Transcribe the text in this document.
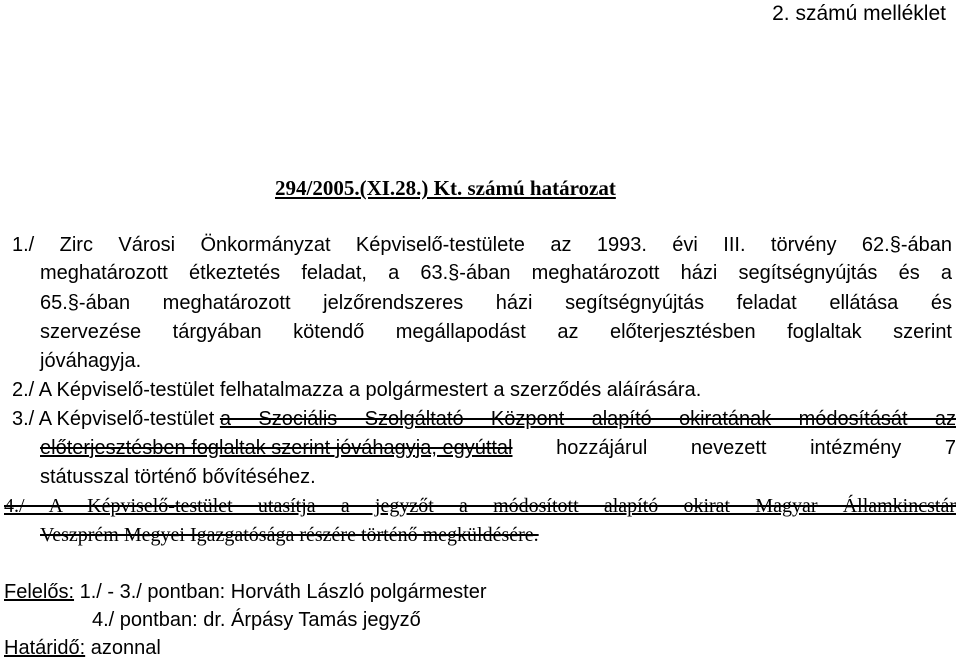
2. számú melléklet
294/2005.(XI.28.) Kt. számú határozat
1./ Zirc Városi Önkormányzat Képviselő-testülete az 1993. évi III. törvény 62.§-ában
meghatározott étkeztetés feladat, a 63.§-ában meghatározott házi segítségnyújtás és a
65.§-ában meghatározott jelzőrendszeres házi segítségnyújtás feladat ellátása és
szervezése tárgyában kötendő megállapodást az előterjesztésben foglaltak szerint
jóváhagyja.
2./ A Képviselő-testület felhatalmazza a polgármestert a szerződés aláírására.
3./ A Képviselő-testület a Szociális Szolgáltató Központ alapító okiratának módosítását az
előterjesztésben foglaltak szerint jóváhagyja, egyúttal hozzájárul nevezett intézmény 7
státusszal történő bővítéséhez.
4./ A Képviselő-testület utasítja a jegyzőt a módosított alapító okirat Magyar Államkincstár
Veszprém Megyei Igazgatósága részére történő megküldésére.
Felelős: 1./ - 3./ pontban: Horváth László polgármester
4./ pontban: dr. Árpásy Tamás jegyző
Határidő: azonnal
